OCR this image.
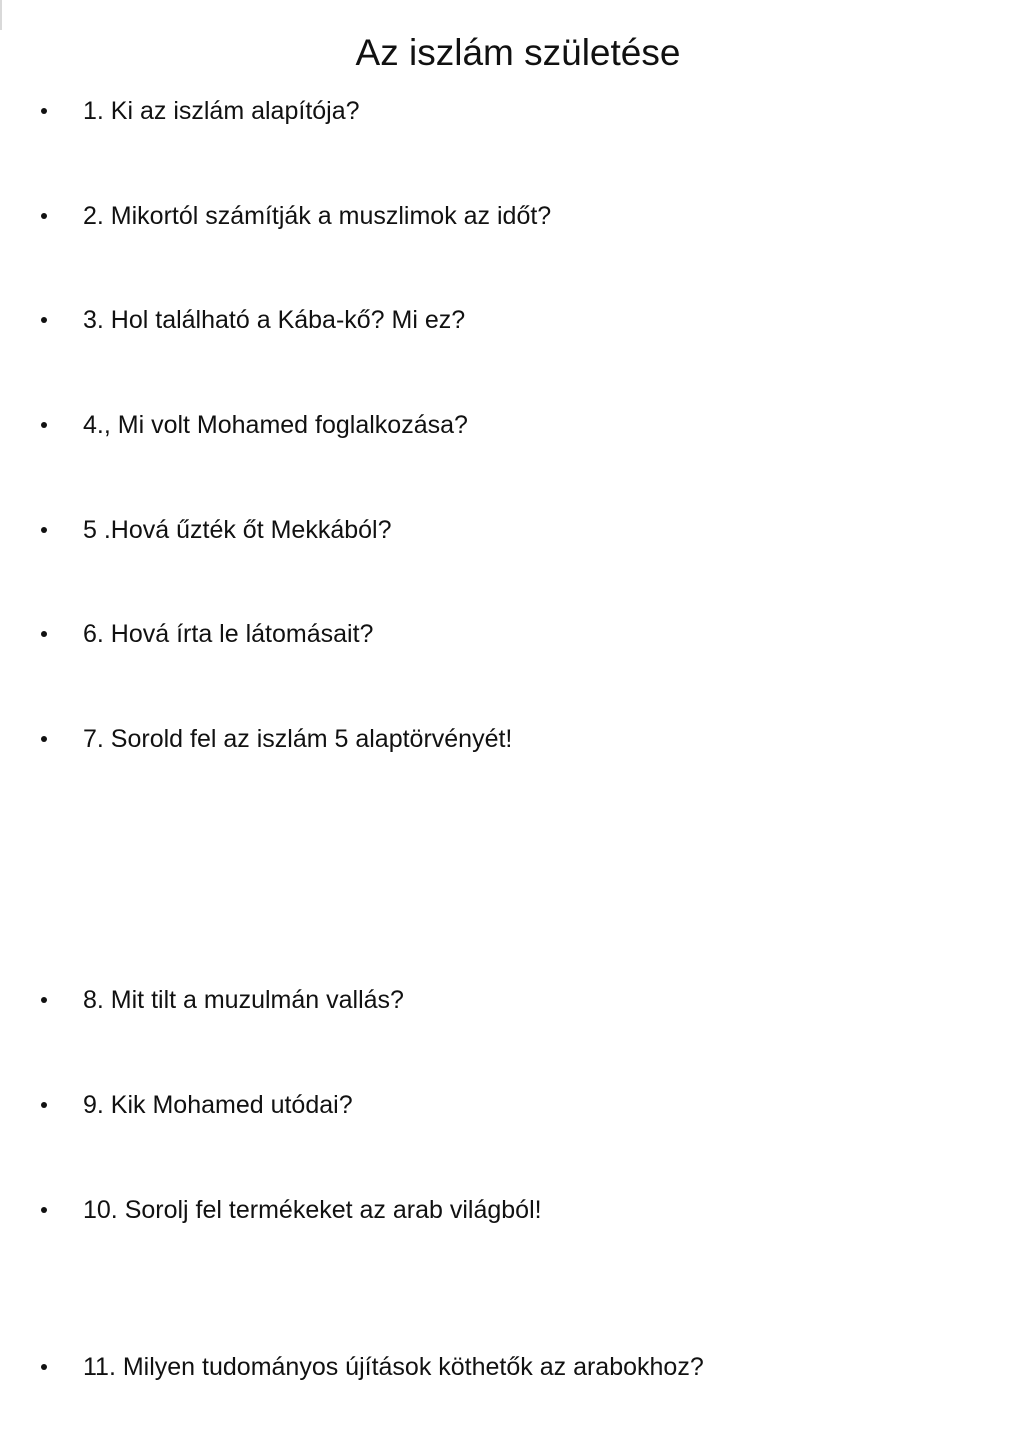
Az iszlám születése
1. Ki az iszlám alapítója?
2. Mikortól számítják a muszlimok az időt?
3. Hol található a Kába-kő? Mi ez?
4., Mi volt Mohamed foglalkozása?
5 .Hová űzték őt Mekkából?
6. Hová írta le látomásait?
7. Sorold fel az iszlám 5 alaptörvényét!
8. Mit tilt a muzulmán vallás?
9. Kik Mohamed utódai?
10. Sorolj fel termékeket az arab világból!
11. Milyen tudományos újítások köthetők az arabokhoz?
